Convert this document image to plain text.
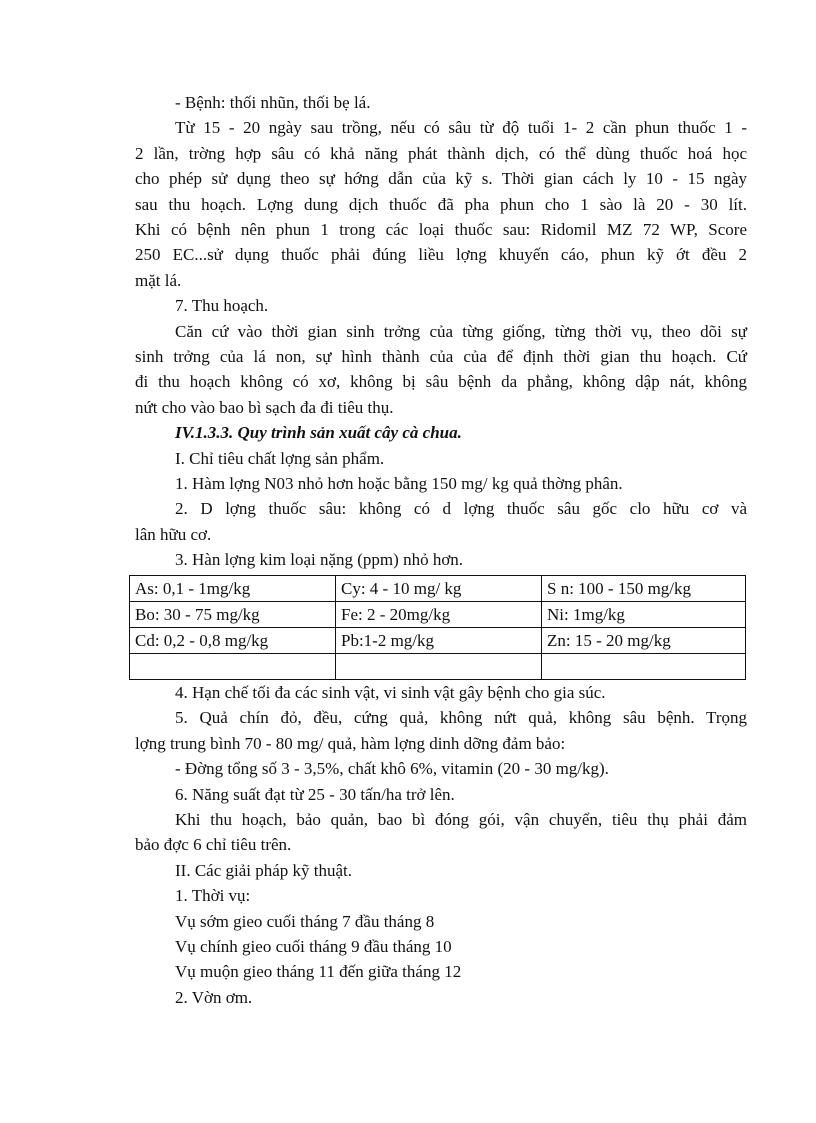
- Bệnh: thối nhũn, thối bẹ lá.
Từ 15 - 20 ngày sau trồng, nếu có sâu từ độ tuổi 1- 2 cần phun thuốc 1 -
2 lần, trờng hợp sâu có khả năng phát thành dịch, có thể dùng thuốc hoá học
cho phép sử dụng theo sự hớng dẫn của kỹ s. Thời gian cách ly 10 - 15 ngày
sau thu hoạch. Lợng dung dịch thuốc đã pha phun cho 1 sào là 20 - 30 lít.
Khi có bệnh nên phun 1 trong các loại thuốc sau: Ridomil MZ 72 WP, Score
250 EC...sử dụng thuốc phải đúng liều lợng khuyến cáo, phun kỹ ớt đều 2
mặt lá.
7. Thu hoạch.
Căn cứ vào thời gian sinh trởng của từng giống, từng thời vụ, theo dõi sự
sinh trởng của lá non, sự hình thành của của để định thời gian thu hoạch. Cứ
đi thu hoạch không có xơ, không bị sâu bệnh da phẳng, không dập nát, không
nứt cho vào bao bì sạch đa đi tiêu thụ.
IV.1.3.3. Quy trình sản xuất cây cà chua.
I. Chỉ tiêu chất lợng sản phẩm.
1. Hàm lợng N03 nhỏ hơn hoặc bằng 150 mg/ kg quả thờng phân.
2. D lợng thuốc sâu: không có d lợng thuốc sâu gốc clo hữu cơ và
lân hữu cơ.
3. Hàn lợng kim loại nặng (ppm) nhỏ hơn.
As: 0,1 - 1mg/kg	Cy: 4 - 10 mg/ kg	S n: 100 - 150 mg/kg
Bo: 30 - 75 mg/kg	Fe: 2 - 20mg/kg	Ni: 1mg/kg
Cd: 0,2 - 0,8 mg/kg	Pb:1-2 mg/kg	Zn: 15 - 20 mg/kg

4. Hạn chế tối đa các sinh vật, vi sinh vật gây bệnh cho gia súc.
5. Quả chín đỏ, đều, cứng quả, không nứt quả, không sâu bệnh. Trọng
lợng trung bình 70 - 80 mg/ quả, hàm lợng dinh dỡng đảm bảo:
- Đờng tổng số 3 - 3,5%, chất khô 6%, vitamin (20 - 30 mg/kg).
6. Năng suất đạt từ 25 - 30 tấn/ha trở lên.
Khi thu hoạch, bảo quản, bao bì đóng gói, vận chuyển, tiêu thụ phải đảm
bảo đợc 6 chỉ tiêu trên.
II. Các giải pháp kỹ thuật.
1. Thời vụ:
Vụ sớm gieo cuối tháng 7 đầu tháng 8
Vụ chính gieo cuối tháng 9 đầu tháng 10
Vụ muộn gieo tháng 11 đến giữa tháng 12
2. Vờn ơm.
